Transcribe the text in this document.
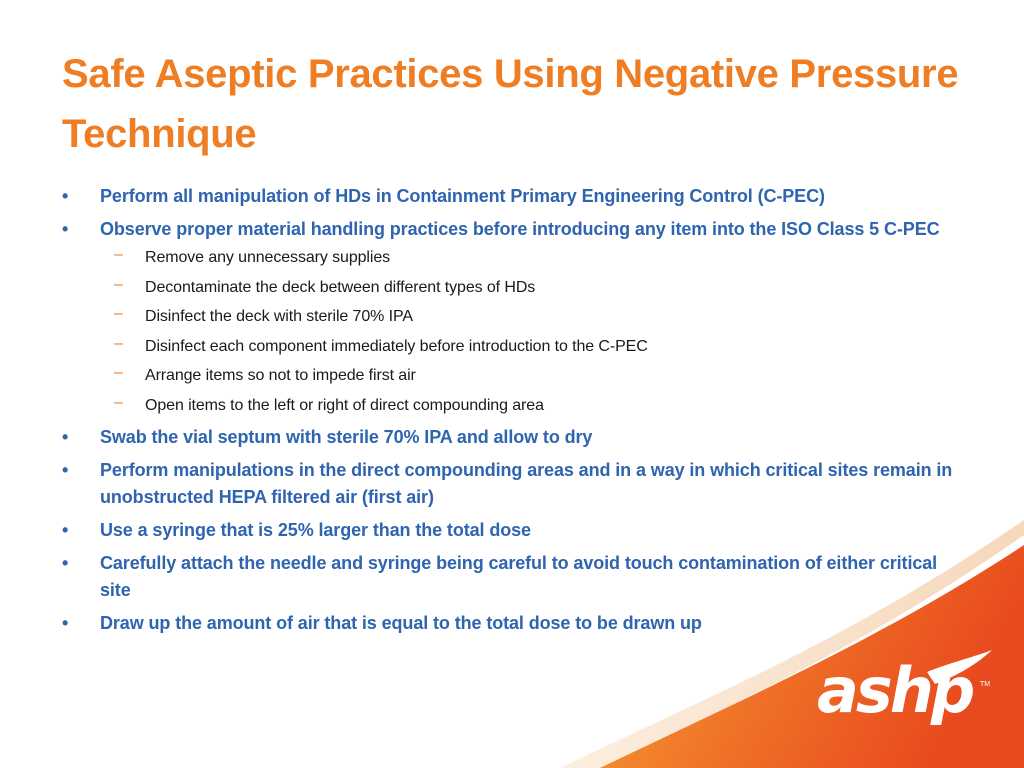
Safe Aseptic Practices Using Negative Pressure Technique
• Perform all manipulation of HDs in Containment Primary Engineering Control (C-PEC)
• Observe proper material handling practices before introducing any item into the ISO Class 5 C-PEC
– Remove any unnecessary supplies
– Decontaminate the deck between different types of HDs
– Disinfect the deck with sterile 70% IPA
– Disinfect each component immediately before introduction to the C-PEC
– Arrange items so not to impede first air
– Open items to the left or right of direct compounding area
• Swab the vial septum with sterile 70% IPA and allow to dry
• Perform manipulations in the direct compounding areas and in a way in which critical sites remain in unobstructed HEPA filtered air (first air)
• Use a syringe that is 25% larger than the total dose
• Carefully attach the needle and syringe being careful to avoid touch contamination of either critical site
• Draw up the amount of air that is equal to the total dose to be drawn up
ashp TM
